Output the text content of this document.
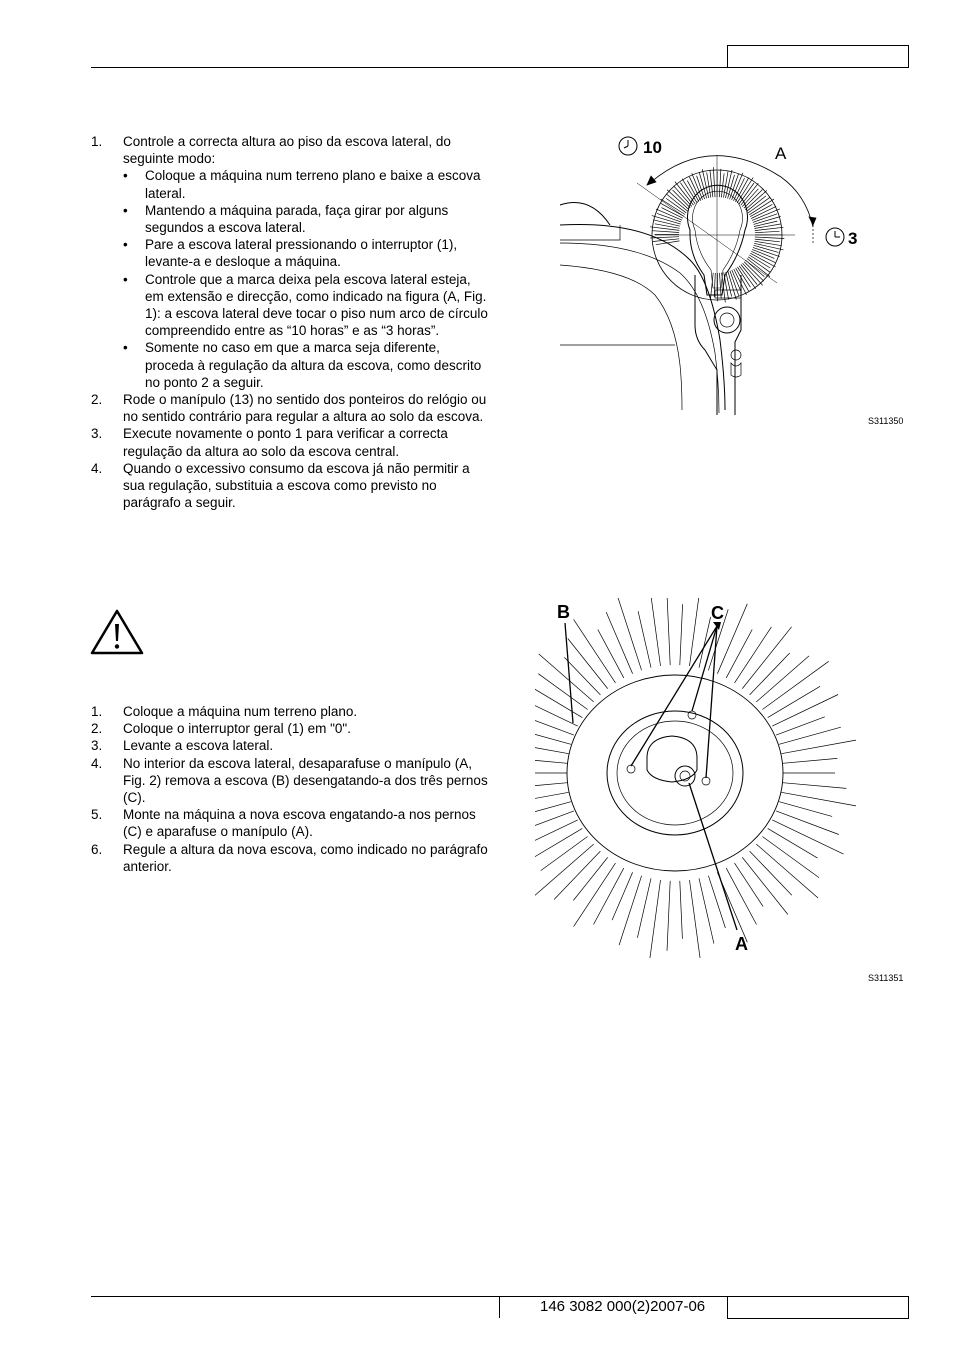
1. Controle a correcta altura ao piso da escova lateral, do seguinte modo:
• Coloque a máquina num terreno plano e baixe a escova lateral.
• Mantendo a máquina parada, faça girar por alguns segundos a escova lateral.
• Pare a escova lateral pressionando o interruptor (1), levante-a e desloque a máquina.
• Controle que a marca deixa pela escova lateral esteja, em extensão e direcção, como indicado na figura (A, Fig. 1): a escova lateral deve tocar o piso num arco de círculo compreendido entre as “10 horas” e as “3 horas”.
• Somente no caso em que a marca seja diferente, proceda à regulação da altura da escova, como descrito no ponto 2 a seguir.
2. Rode o manípulo (13) no sentido dos ponteiros do relógio ou no sentido contrário para regular a altura ao solo da escova.
3. Execute novamente o ponto 1 para verificar a correcta regulação da altura ao solo da escova central.
4. Quando o excessivo consumo da escova já não permitir a sua regulação, substituia a escova como previsto no parágrafo a seguir.
10
3
A
S311350
1. Coloque a máquina num terreno plano.
2. Coloque o interruptor geral (1) em "0".
3. Levante a escova lateral.
4. No interior da escova lateral, desaparafuse o manípulo (A, Fig. 2) remova a escova (B) desengatando-a dos três pernos (C).
5. Monte na máquina a nova escova engatando-a nos pernos (C) e aparafuse o manípulo (A).
6. Regule a altura da nova escova, como indicado no parágrafo anterior.
B	C
A
S311351
146 3082 000(2)2007-06
